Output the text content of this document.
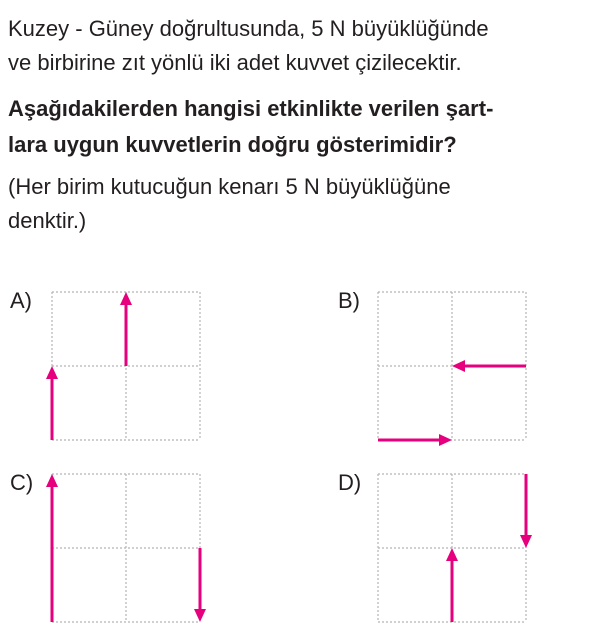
Kuzey - Güney doğrultusunda, 5 N büyüklüğünde

ve birbirine zıt yönlü iki adet kuvvet çizilecektir.

Aşağıdakilerden hangisi etkinlikte verilen şart-

lara uygun kuvvetlerin doğru gösterimidir?

(Her birim kutucuğun kenarı 5 N büyüklüğüne

denktir.)

A)	B)
C)	D)
